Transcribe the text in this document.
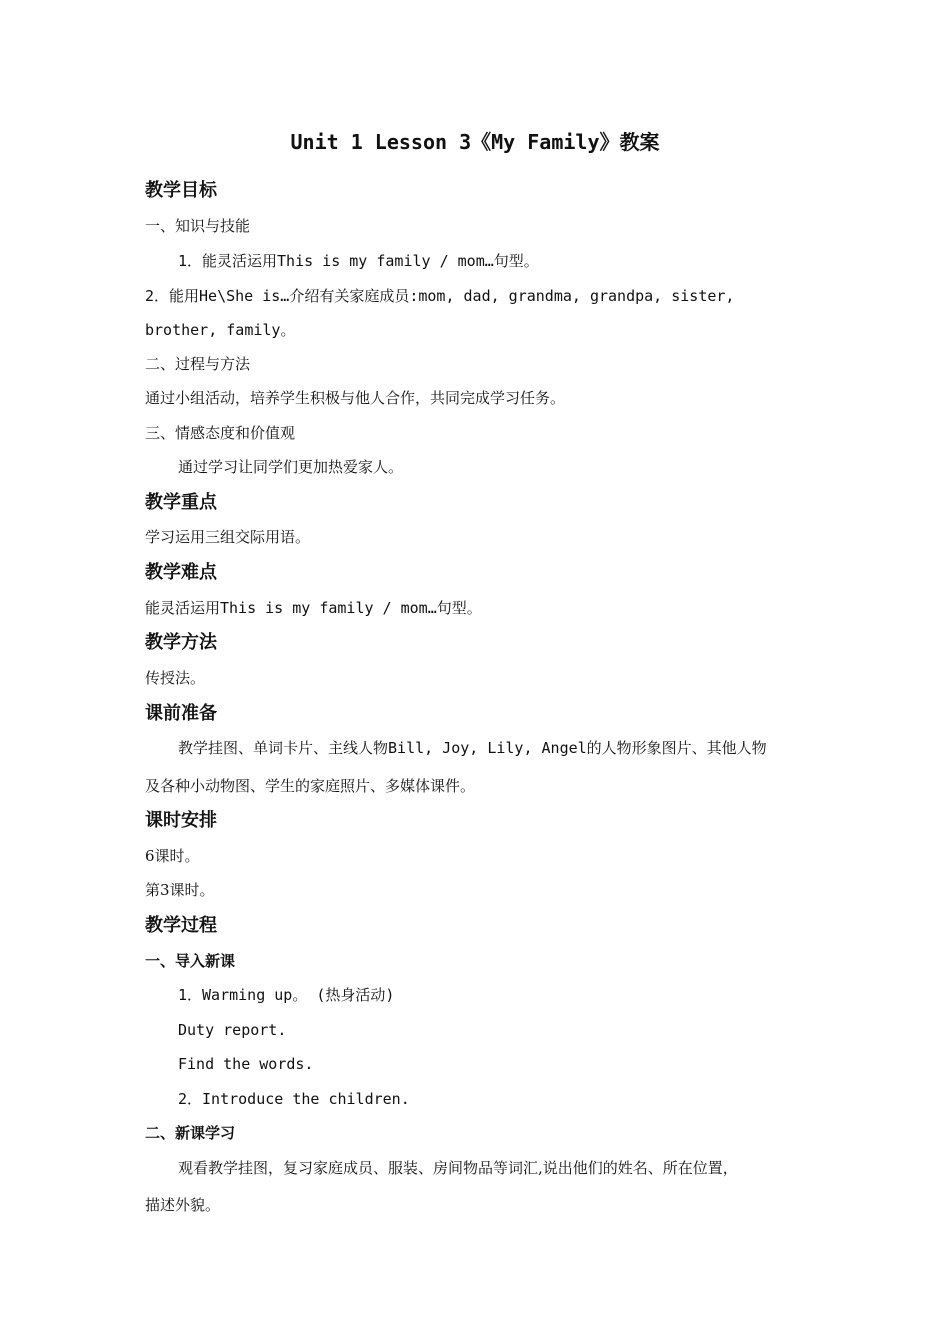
Unit 1 Lesson 3《My Family》教案
教学目标
一、知识与技能
1．能灵活运用This is my family / mom…句型。
2．能用He\She is…介绍有关家庭成员:mom, dad, grandma, grandpa, sister,
brother, family。
二、过程与方法
通过小组活动，培养学生积极与他人合作，共同完成学习任务。
三、情感态度和价值观
通过学习让同学们更加热爱家人。
教学重点
学习运用三组交际用语。
教学难点
能灵活运用This is my family / mom…句型。
教学方法
传授法。
课前准备
教学挂图、单词卡片、主线人物Bill, Joy, Lily, Angel的人物形象图片、其他人物
及各种小动物图、学生的家庭照片、多媒体课件。
课时安排
6课时。
第3课时。
教学过程
一、导入新课
1．Warming up。 (热身活动)
Duty report.
Find the words.
2．Introduce the children.
二、新课学习
观看教学挂图，复习家庭成员、服装、房间物品等词汇,说出他们的姓名、所在位置，
描述外貌。
